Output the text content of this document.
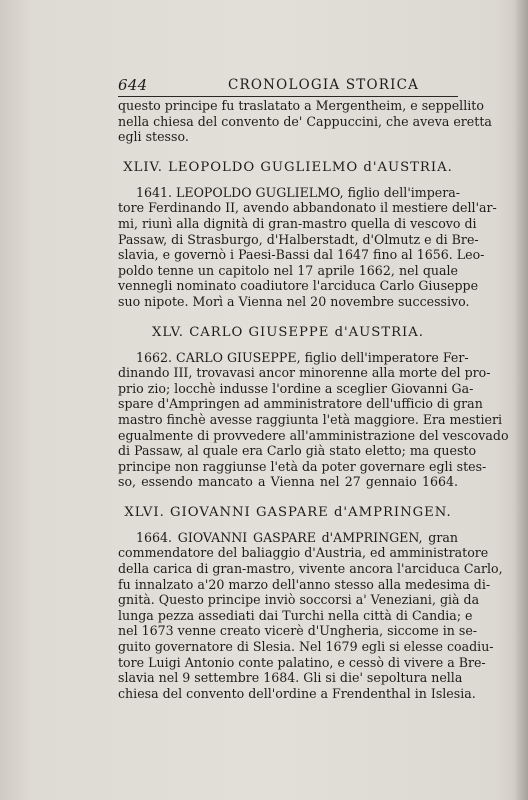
644	CRONOLOGIA STORICA
questo principe fu traslatato a Mergentheim, e seppellito
nella chiesa del convento de' Cappuccini, che aveva eretta
egli stesso.
XLIV. LEOPOLDO GUGLIELMO d'AUSTRIA.
1641. LEOPOLDO GUGLIELMO, figlio dell'impera-
tore Ferdinando II, avendo abbandonato il mestiere dell'ar-
mi, riunì alla dignità di gran-mastro quella di vescovo di
Passaw, di Strasburgo, d'Halberstadt, d'Olmutz e di Bre-
slavia, e governò i Paesi-Bassi dal 1647 fino al 1656. Leo-
poldo tenne un capitolo nel 17 aprile 1662, nel quale
vennegli nominato coadiutore l'arciduca Carlo Giuseppe
suo nipote. Morì a Vienna nel 20 novembre successivo.
XLV. CARLO GIUSEPPE d'AUSTRIA.
1662. CARLO GIUSEPPE, figlio dell'imperatore Fer-
dinando III, trovavasi ancor minorenne alla morte del pro-
prio zio; locchè indusse l'ordine a sceglier Giovanni Ga-
spare d'Ampringen ad amministratore dell'ufficio di gran
mastro finchè avesse raggiunta l'età maggiore. Era mestieri
egualmente di provvedere all'amministrazione del vescovado
di Passaw, al quale era Carlo già stato eletto; ma questo
principe non raggiunse l'età da poter governare egli stes-
so, essendo mancato a Vienna nel 27 gennaio 1664.
XLVI. GIOVANNI GASPARE d'AMPRINGEN.
1664. GIOVANNI GASPARE d'AMPRINGEN, gran
commendatore del baliaggio d'Austria, ed amministratore
della carica di gran-mastro, vivente ancora l'arciduca Carlo,
fu innalzato a'20 marzo dell'anno stesso alla medesima di-
gnità. Questo principe inviò soccorsi a' Veneziani, già da
lunga pezza assediati dai Turchi nella città di Candia; e
nel 1673 venne creato vicerè d'Ungheria, siccome in se-
guito governatore di Slesia. Nel 1679 egli si elesse coadiu-
tore Luigi Antonio conte palatino, e cessò di vivere a Bre-
slavia nel 9 settembre 1684. Gli si die' sepoltura nella
chiesa del convento dell'ordine a Frendenthal in Islesia.
